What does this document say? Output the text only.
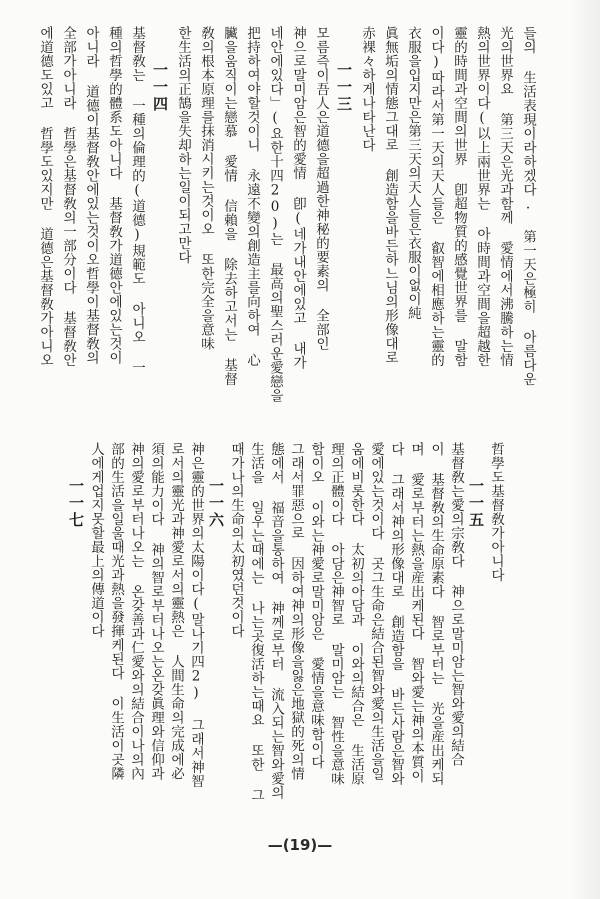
들의 生活表現이라하겠다. 第一天은極히 아름다운
光의世界요 第三天은光과함께 愛情에서沸騰하는情
熱의世界이다(以上兩世界는 아時間과空間을超越한
靈的時間과空間의世界 卽超物質的感覺世界를 말함
이다)따라서第一天의天人들은 叡智에相應하는靈的
衣服을입지만은第三天의天人들은衣服이없이純
眞無垢의情態그대로 創造함을바든하느님의形像대로
赤裸々하게나타난다
一一三
모름즉이吾人은道德을超過한神秘的要素의 全部인
神으로말미암은智的愛情 卽(네가내안에있고 내가
네안에있다」(요한十四20)는 最高의聖스러운愛戀을
把持하여야할것이니 永遠不變의創造主를向하여 心
臟을움직이는戀慕 愛情 信賴을 除去하고서는 基督
敎의根本原理를抹消시키는것이오 또한完全을意味
한生活의正鵠을失却하는일이되고만다
一一四
基督敎는 一種의倫理的(道德)規範도 아니오 一
種의哲學的體系도아니다 基督敎가道德안에있는것이
아니라 道德이基督敎안에있는것이오哲學이基督敎의
全部가아니라 哲學은基督敎의一部分이다 基督敎안
에道德도있고 哲學도있지만 道德은基督敎가아니오
哲學도基督敎가아니다
一一五
基督敎는愛의宗敎다 神으로말미암는智와愛의結合
이 基督敎의生命原素다 智로부터는 光을産出케되
며 愛로부터는熱을産出케된다 智와愛는神의本質이
다 그래서神의形像대로 創造함을 바든사람은智와
愛에있는것이다 곳그生命은結合된智와愛의生活을일
움에비롯한다 太初의아담과 이와의結合은 生活原
理의正體이다 아담은神智로 말미암는 智性을意味
함이오 이와는神愛로말미암은 愛情을意味함이다
그래서罪惡으로 因하여神의形像을잃은地獄的死의情
態에서 福音을통하여 神께로부터 流入되는智와愛의
生活을 일우는때에는 나는곳復活하는때요 또한 그
때가나의生命의太初였던것이다
一一六
神은靈的世界의太陽이다(말나기四2) 그래서神智
로서의靈光과神愛로서의靈熱은 人間生命의完成에必
須의能力이다 神의智로부터나오는온갖眞理와信仰과
神의愛로부터나오는 온갖善과仁愛와의結合이나의內
部的生活을일울때光과熱을發揮케된다 이生活이곳隣
人에게업지못할最上의傳道이다
一一七
—(19)—
